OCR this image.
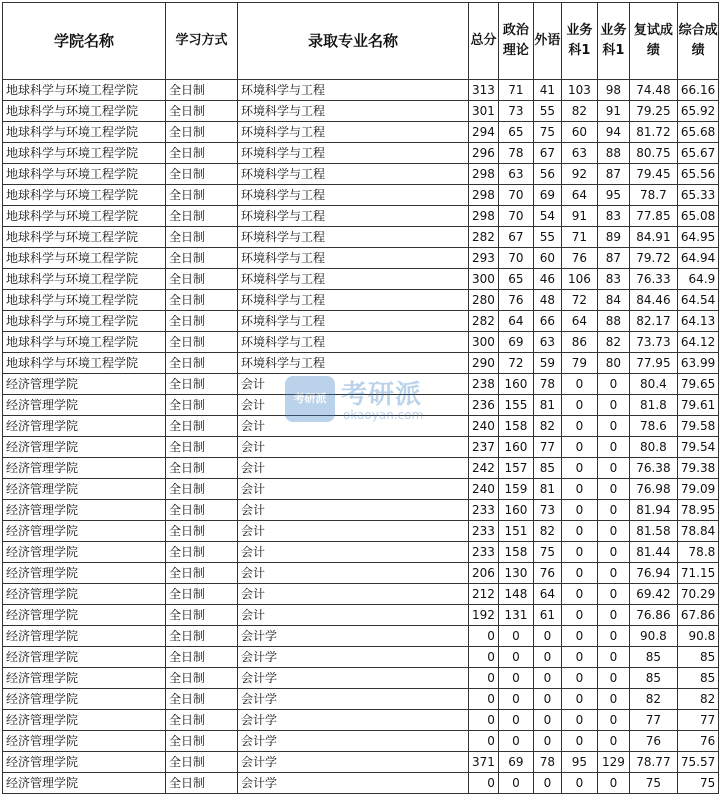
学院名称	学习方式	录取专业名称	总分	政治理论	外语	业务科1	业务科1	复试成绩	综合成绩
地球科学与环境工程学院	全日制	环境科学与工程	313	71	41	103	98	74.48	66.16
地球科学与环境工程学院	全日制	环境科学与工程	301	73	55	82	91	79.25	65.92
地球科学与环境工程学院	全日制	环境科学与工程	294	65	75	60	94	81.72	65.68
地球科学与环境工程学院	全日制	环境科学与工程	296	78	67	63	88	80.75	65.67
地球科学与环境工程学院	全日制	环境科学与工程	298	63	56	92	87	79.45	65.56
地球科学与环境工程学院	全日制	环境科学与工程	298	70	69	64	95	78.7	65.33
地球科学与环境工程学院	全日制	环境科学与工程	298	70	54	91	83	77.85	65.08
地球科学与环境工程学院	全日制	环境科学与工程	282	67	55	71	89	84.91	64.95
地球科学与环境工程学院	全日制	环境科学与工程	293	70	60	76	87	79.72	64.94
地球科学与环境工程学院	全日制	环境科学与工程	300	65	46	106	83	76.33	64.9
地球科学与环境工程学院	全日制	环境科学与工程	280	76	48	72	84	84.46	64.54
地球科学与环境工程学院	全日制	环境科学与工程	282	64	66	64	88	82.17	64.13
地球科学与环境工程学院	全日制	环境科学与工程	300	69	63	86	82	73.73	64.12
地球科学与环境工程学院	全日制	环境科学与工程	290	72	59	79	80	77.95	63.99
经济管理学院	全日制	会计	238	160	78	0	0	80.4	79.65
经济管理学院	全日制	会计	236	155	81	0	0	81.8	79.61
经济管理学院	全日制	会计	240	158	82	0	0	78.6	79.58
经济管理学院	全日制	会计	237	160	77	0	0	80.8	79.54
经济管理学院	全日制	会计	242	157	85	0	0	76.38	79.38
经济管理学院	全日制	会计	240	159	81	0	0	76.98	79.09
经济管理学院	全日制	会计	233	160	73	0	0	81.94	78.95
经济管理学院	全日制	会计	233	151	82	0	0	81.58	78.84
经济管理学院	全日制	会计	233	158	75	0	0	81.44	78.8
经济管理学院	全日制	会计	206	130	76	0	0	76.94	71.15
经济管理学院	全日制	会计	212	148	64	0	0	69.42	70.29
经济管理学院	全日制	会计	192	131	61	0	0	76.86	67.86
经济管理学院	全日制	会计学	0	0	0	0	0	90.8	90.8
经济管理学院	全日制	会计学	0	0	0	0	0	85	85
经济管理学院	全日制	会计学	0	0	0	0	0	85	85
经济管理学院	全日制	会计学	0	0	0	0	0	82	82
经济管理学院	全日制	会计学	0	0	0	0	0	77	77
经济管理学院	全日制	会计学	0	0	0	0	0	76	76
经济管理学院	全日制	会计学	371	69	78	95	129	78.77	75.57
经济管理学院	全日制	会计学	0	0	0	0	0	75	75
考研派 考研派
okaoyan.com
